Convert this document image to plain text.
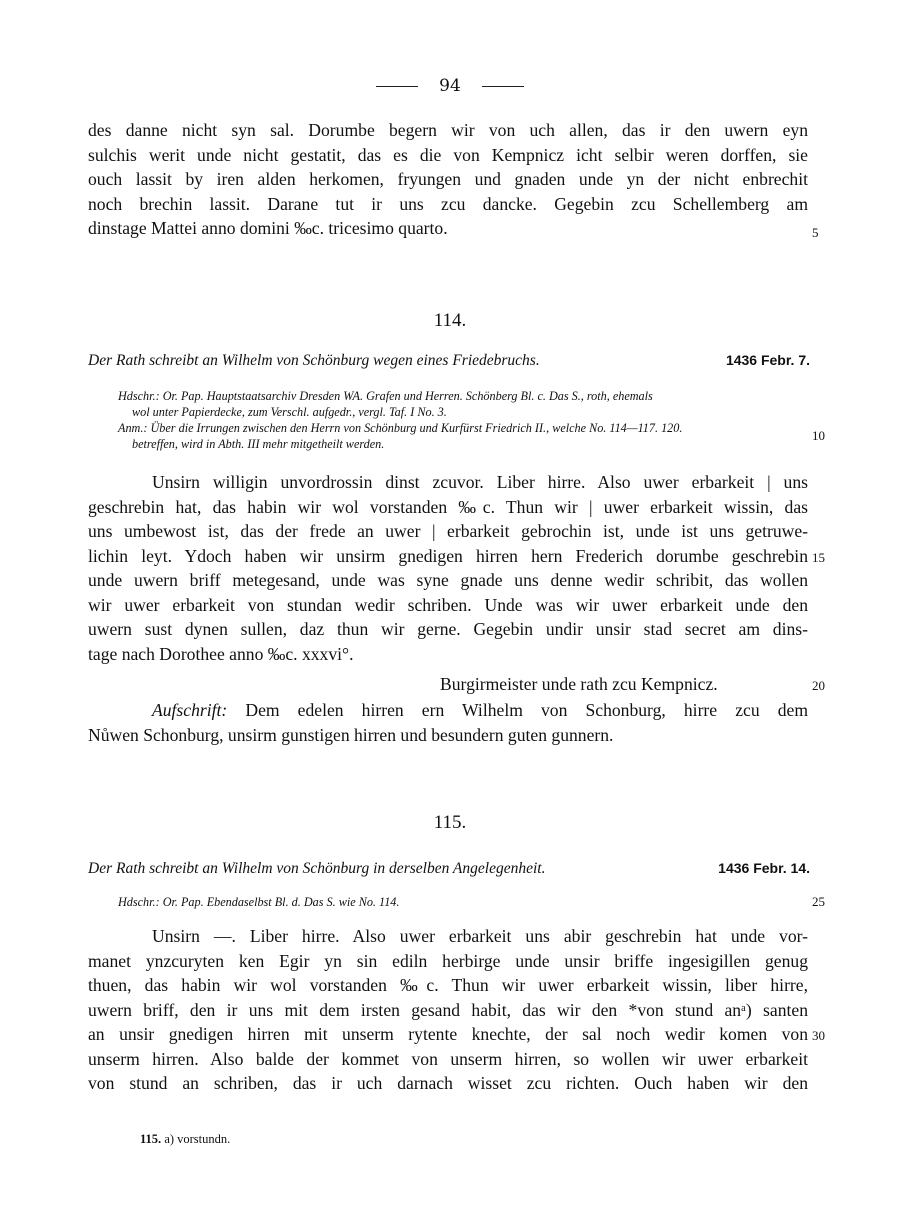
94

des danne nicht syn sal. Dorumbe begern wir von uch allen, das ir den uwern eyn
sulchis werit unde nicht gestatit, das es die von Kempnicz icht selbir weren dorffen, sie
ouch lassit by iren alden herkomen, fryungen und gnaden unde yn der nicht enbrechit
noch brechin lassit. Darane tut ir uns zcu dancke. Gegebin zcu Schellemberg am
dinstage Mattei anno domini ‰c. tricesimo quarto.	5
114.
Der Rath schreibt an Wilhelm von Schönburg wegen eines Friedebruchs.	1436 Febr. 7.
Hdschr.: Or. Pap. Hauptstaatsarchiv Dresden WA. Grafen und Herren. Schönberg Bl. c. Das S., roth, ehemals
wol unter Papierdecke, zum Verschl. aufgedr., vergl. Taf. I No. 3.
Anm.: Über die Irrungen zwischen den Herrn von Schönburg und Kurfürst Friedrich II., welche No. 114—117. 120.
betreffen, wird in Abth. III mehr mitgetheilt werden.
10

Unsirn willigin unvordrossin dinst zcuvor. Liber hirre. Also uwer erbarkeit | uns
geschrebin hat, das habin wir wol vorstanden ‰c. Thun wir | uwer erbarkeit wissin, das
uns umbewost ist, das der frede an uwer | erbarkeit gebrochin ist, unde ist uns getruwe-
lichin leyt. Ydoch haben wir unsirm gnedigen hirren hern Frederich dorumbe geschrebin
unde uwern briff metegesand, unde was syne gnade uns denne wedir schribit, das wollen
wir uwer erbarkeit von stundan wedir schriben. Unde was wir uwer erbarkeit unde den
uwern sust dynen sullen, daz thun wir gerne. Gegebin undir unsir stad secret am dins-
tage nach Dorothee anno ‰c. xxxvi°.

15
Burgirmeister unde rath zcu Kempnicz.	20

Aufschrift: Dem edelen hirren ern Wilhelm von Schonburg, hirre zcu dem
Nůwen Schonburg, unsirm gunstigen hirren und besundern guten gunnern.

115.
Der Rath schreibt an Wilhelm von Schönburg in derselben Angelegenheit.	1436 Febr. 14.
Hdschr.: Or. Pap. Ebendaselbst Bl. d. Das S. wie No. 114.	25

Unsirn —. Liber hirre. Also uwer erbarkeit uns abir geschrebin hat unde vor-
manet ynzcuryten ken Egir yn sin ediln herbirge unde unsir briffe ingesigillen genug
thuen, das habin wir wol vorstanden ‰c. Thun wir uwer erbarkeit wissin, liber hirre,
uwern briff, den ir uns mit dem irsten gesand habit, das wir den *von stund anᵃ) santen
an unsir gnedigen hirren mit unserm rytente knechte, der sal noch wedir komen von
unserm hirren. Also balde der kommet von unserm hirren, so wollen wir uwer erbarkeit
von stund an schriben, das ir uch darnach wisset zcu richten. Ouch haben wir den

30
115. a) vorstundn.
